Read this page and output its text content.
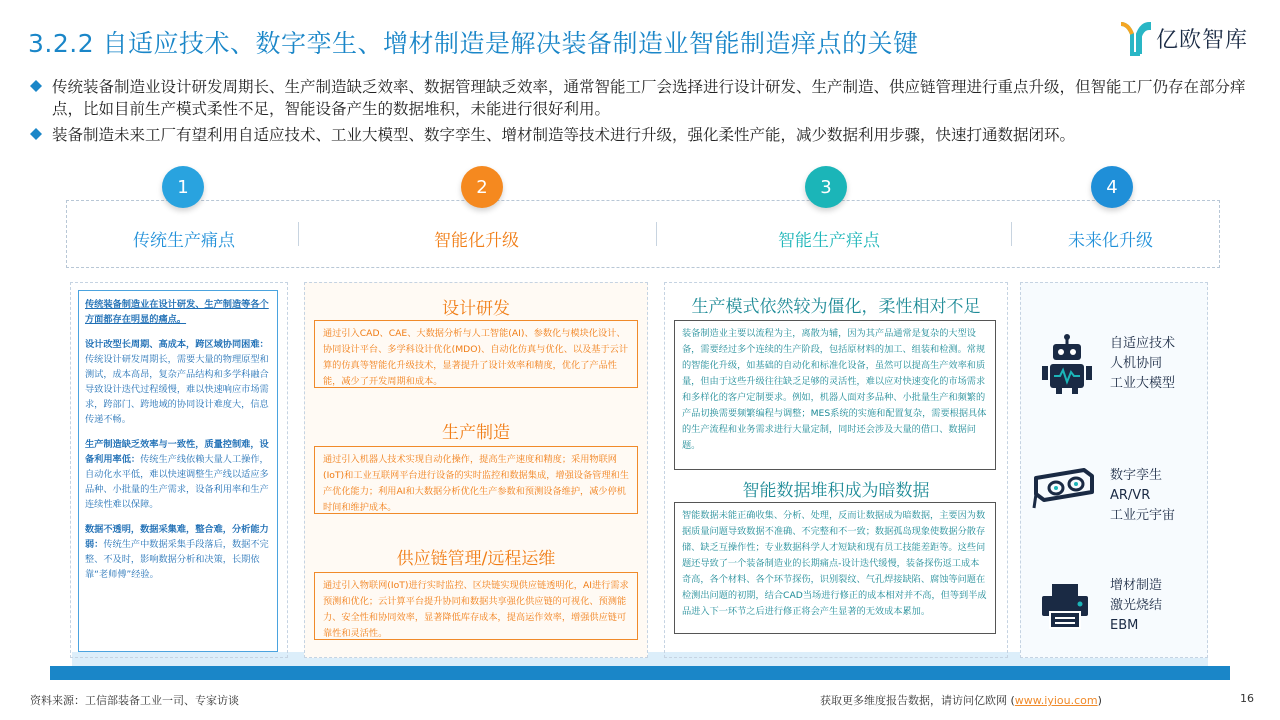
3.2.2 自适应技术、数字孪生、增材制造是解决装备制造业智能制造痒点的关键	亿欧智库
传统装备制造业设计研发周期长、生产制造缺乏效率、数据管理缺乏效率，通常智能工厂会选择进行设计研发、生产制造、供应链管理进行重点升级，但智能工厂仍存在部分痒点，比如目前生产模式柔性不足，智能设备产生的数据堆积，未能进行很好利用。
装备制造未来工厂有望利用自适应技术、工业大模型、数字孪生、增材制造等技术进行升级，强化柔性产能，减少数据利用步骤，快速打通数据闭环。
1	2	3	4
传统生产痛点	智能化升级	智能生产痒点	未来化升级
传统装备制造业在设计研发、生产制造等各个方面都存在明显的痛点。
设计改型长周期、高成本，跨区域协同困难：传统设计研发周期长，需要大量的物理原型和测试，成本高昂，复杂产品结构和多学科融合导致设计迭代过程缓慢，难以快速响应市场需求，跨部门、跨地域的协同设计难度大，信息传递不畅。
生产制造缺乏效率与一致性，质量控制难，设备利用率低：传统生产线依赖大量人工操作，自动化水平低，难以快速调整生产线以适应多品种、小批量的生产需求，设备利用率和生产连续性难以保障。
数据不透明，数据采集难，整合难，分析能力弱：传统生产中数据采集手段落后，数据不完整、不及时，影响数据分析和决策，长期依靠“老师傅”经验。
设计研发
通过引入CAD、CAE、大数据分析与人工智能(AI)、参数化与模块化设计、协同设计平台、多学科设计优化(MDO)、自动化仿真与优化、以及基于云计算的仿真等智能化升级技术，显著提升了设计效率和精度，优化了产品性能，减少了开发周期和成本。
生产制造
通过引入机器人技术实现自动化操作，提高生产速度和精度；采用物联网(IoT)和工业互联网平台进行设备的实时监控和数据集成，增强设备管理和生产优化能力；利用AI和大数据分析优化生产参数和预测设备维护，减少停机时间和维护成本。
供应链管理/远程运维
通过引入物联网(IoT)进行实时监控、区块链实现供应链透明化，AI进行需求预测和优化；云计算平台提升协同和数据共享强化供应链的可视化、预测能力、安全性和协同效率，显著降低库存成本，提高运作效率，增强供应链可靠性和灵活性。
生产模式依然较为僵化，柔性相对不足
装备制造业主要以流程为主，离散为辅，因为其产品通常是复杂的大型设备，需要经过多个连续的生产阶段，包括原材料的加工、组装和检测。常规的智能化升级，如基础的自动化和标准化设备，虽然可以提高生产效率和质量，但由于这些升级往往缺乏足够的灵活性，难以应对快速变化的市场需求和多样化的客户定制要求。例如，机器人面对多品种、小批量生产和频繁的产品切换需要频繁编程与调整；MES系统的实施和配置复杂，需要根据具体的生产流程和业务需求进行大量定制，同时还会涉及大量的借口、数据问题。
智能数据堆积成为暗数据
智能数据未能正确收集、分析、处理，反而让数据成为暗数据，主要因为数据质量问题导致数据不准确、不完整和不一致；数据孤岛现象使数据分散存储、缺乏互操作性；专业数据科学人才短缺和现有员工技能差距等。这些问题还导致了一个装备制造业的长期痛点-设计迭代缓慢，装备探伤返工成本奇高，各个材料、各个环节探伤，识别裂纹、气孔焊接缺陷、腐蚀等问题在检测出问题的初期，结合CAD当场进行修正的成本相对并不高，但等到半成品进入下一环节之后进行修正将会产生显著的无效成本累加。
自适应技术
人机协同
工业大模型
数字孪生
AR/VR
工业元宇宙
增材制造
激光烧结
EBM
资料来源：工信部装备工业一司、专家访谈	获取更多维度报告数据，请访问亿欧网 (www.iyiou.com)	16
